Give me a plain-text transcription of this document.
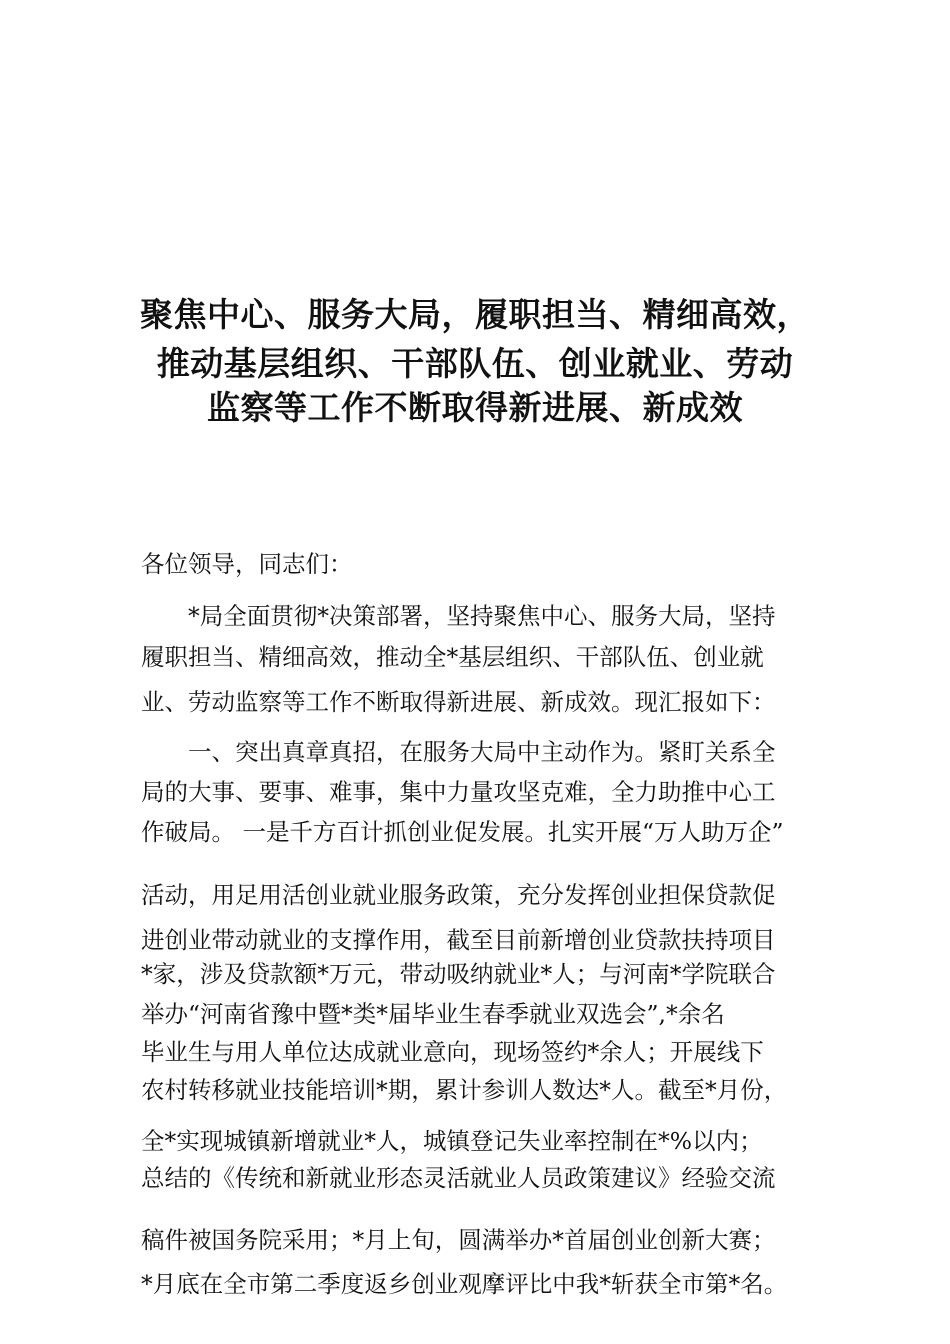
聚焦中心、服务大局，履职担当、精细高效，
推动基层组织、干部队伍、创业就业、劳动
监察等工作不断取得新进展、新成效
各位领导，同志们：
*局全面贯彻*决策部署，坚持聚焦中心、服务大局，坚持
履职担当、精细高效，推动全*基层组织、干部队伍、创业就
业、劳动监察等工作不断取得新进展、新成效。现汇报如下：
一、突出真章真招，在服务大局中主动作为。紧盯关系全
局的大事、要事、难事，集中力量攻坚克难，全力助推中心工
作破局。 一是千方百计抓创业促发展。扎实开展“万人助万企”
活动，用足用活创业就业服务政策，充分发挥创业担保贷款促
进创业带动就业的支撑作用，截至目前新增创业贷款扶持项目
*家，涉及贷款额*万元，带动吸纳就业*人；与河南*学院联合
举办“河南省豫中暨*类*届毕业生春季就业双选会”,*余名
毕业生与用人单位达成就业意向，现场签约*余人；开展线下
农村转移就业技能培训*期，累计参训人数达*人。截至*月份，
全*实现城镇新增就业*人，城镇登记失业率控制在*%以内；
总结的《传统和新就业形态灵活就业人员政策建议》经验交流
稿件被国务院采用；*月上旬，圆满举办*首届创业创新大赛；
*月底在全市第二季度返乡创业观摩评比中我*斩获全市第*名。
